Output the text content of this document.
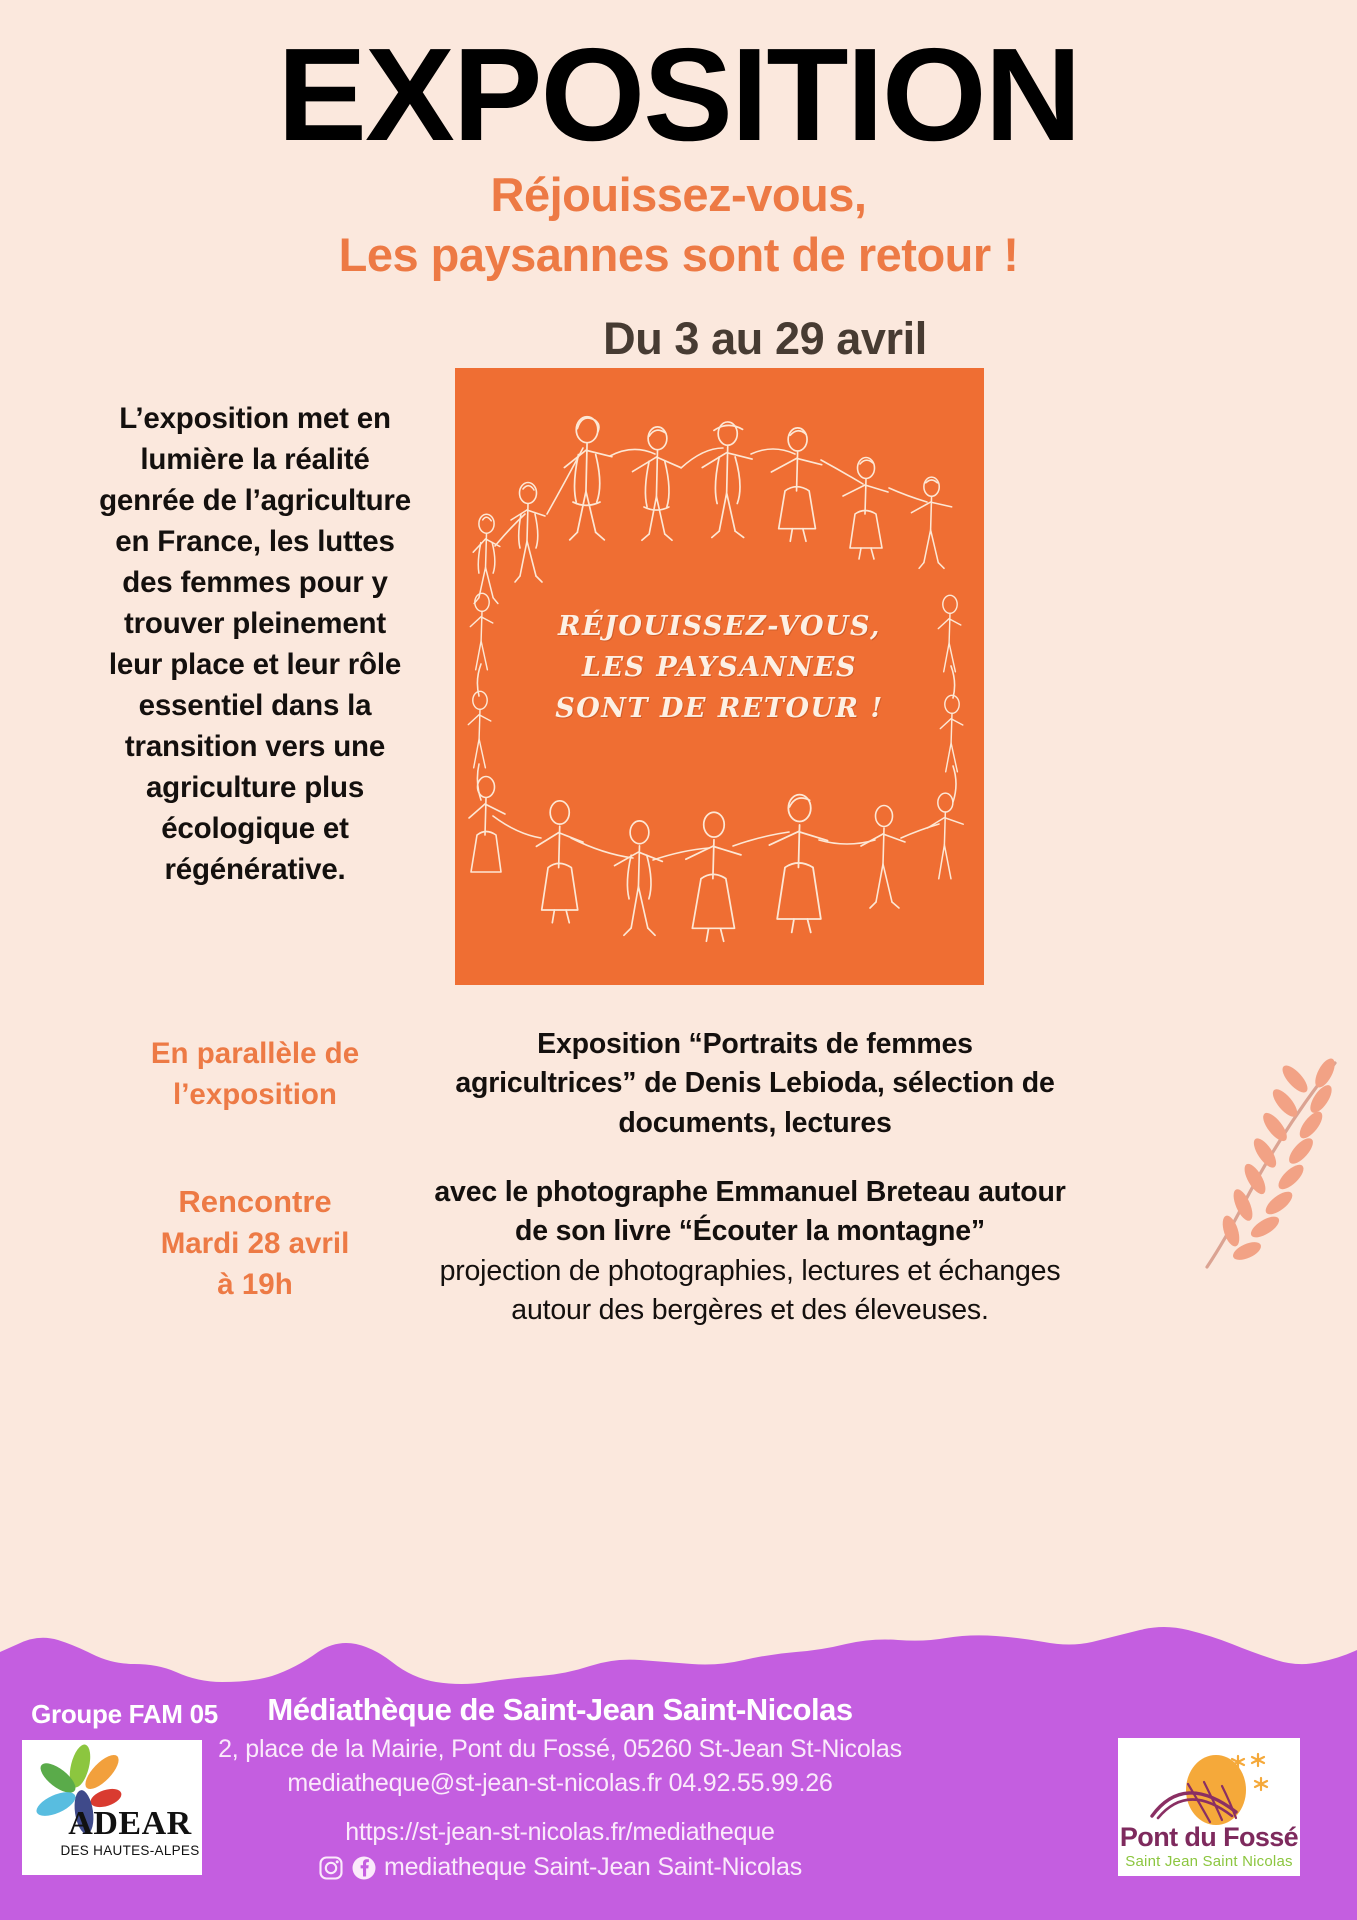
EXPOSITION
Réjouissez-vous,
Les paysannes sont de retour !
Du 3 au 29 avril
RÉJOUISSEZ-VOUS,
LES PAYSANNES
SONT DE RETOUR !
L’exposition met en lumière la réalité genrée de l’agriculture en France, les luttes des femmes pour y trouver pleinement leur place et leur rôle essentiel dans la transition vers une agriculture plus écologique et régénérative.
En parallèle de l’exposition
Rencontre
Mardi 28 avril
à 19h
Exposition “Portraits de femmes agricultrices” de Denis Lebioda, sélection de documents, lectures
avec le photographe Emmanuel Breteau autour de son livre “Écouter la montagne”
projection de photographies, lectures et échanges autour des bergères et des éleveuses.
Groupe FAM 05
ADEAR
DES HAUTES-ALPES
Médiathèque de Saint-Jean Saint-Nicolas
2, place de la Mairie, Pont du Fossé, 05260 St-Jean St-Nicolas
mediatheque@st-jean-st-nicolas.fr 04.92.55.99.26
https://st-jean-st-nicolas.fr/mediatheque
mediatheque Saint-Jean Saint-Nicolas
Pont du Fossé
Saint Jean Saint Nicolas
